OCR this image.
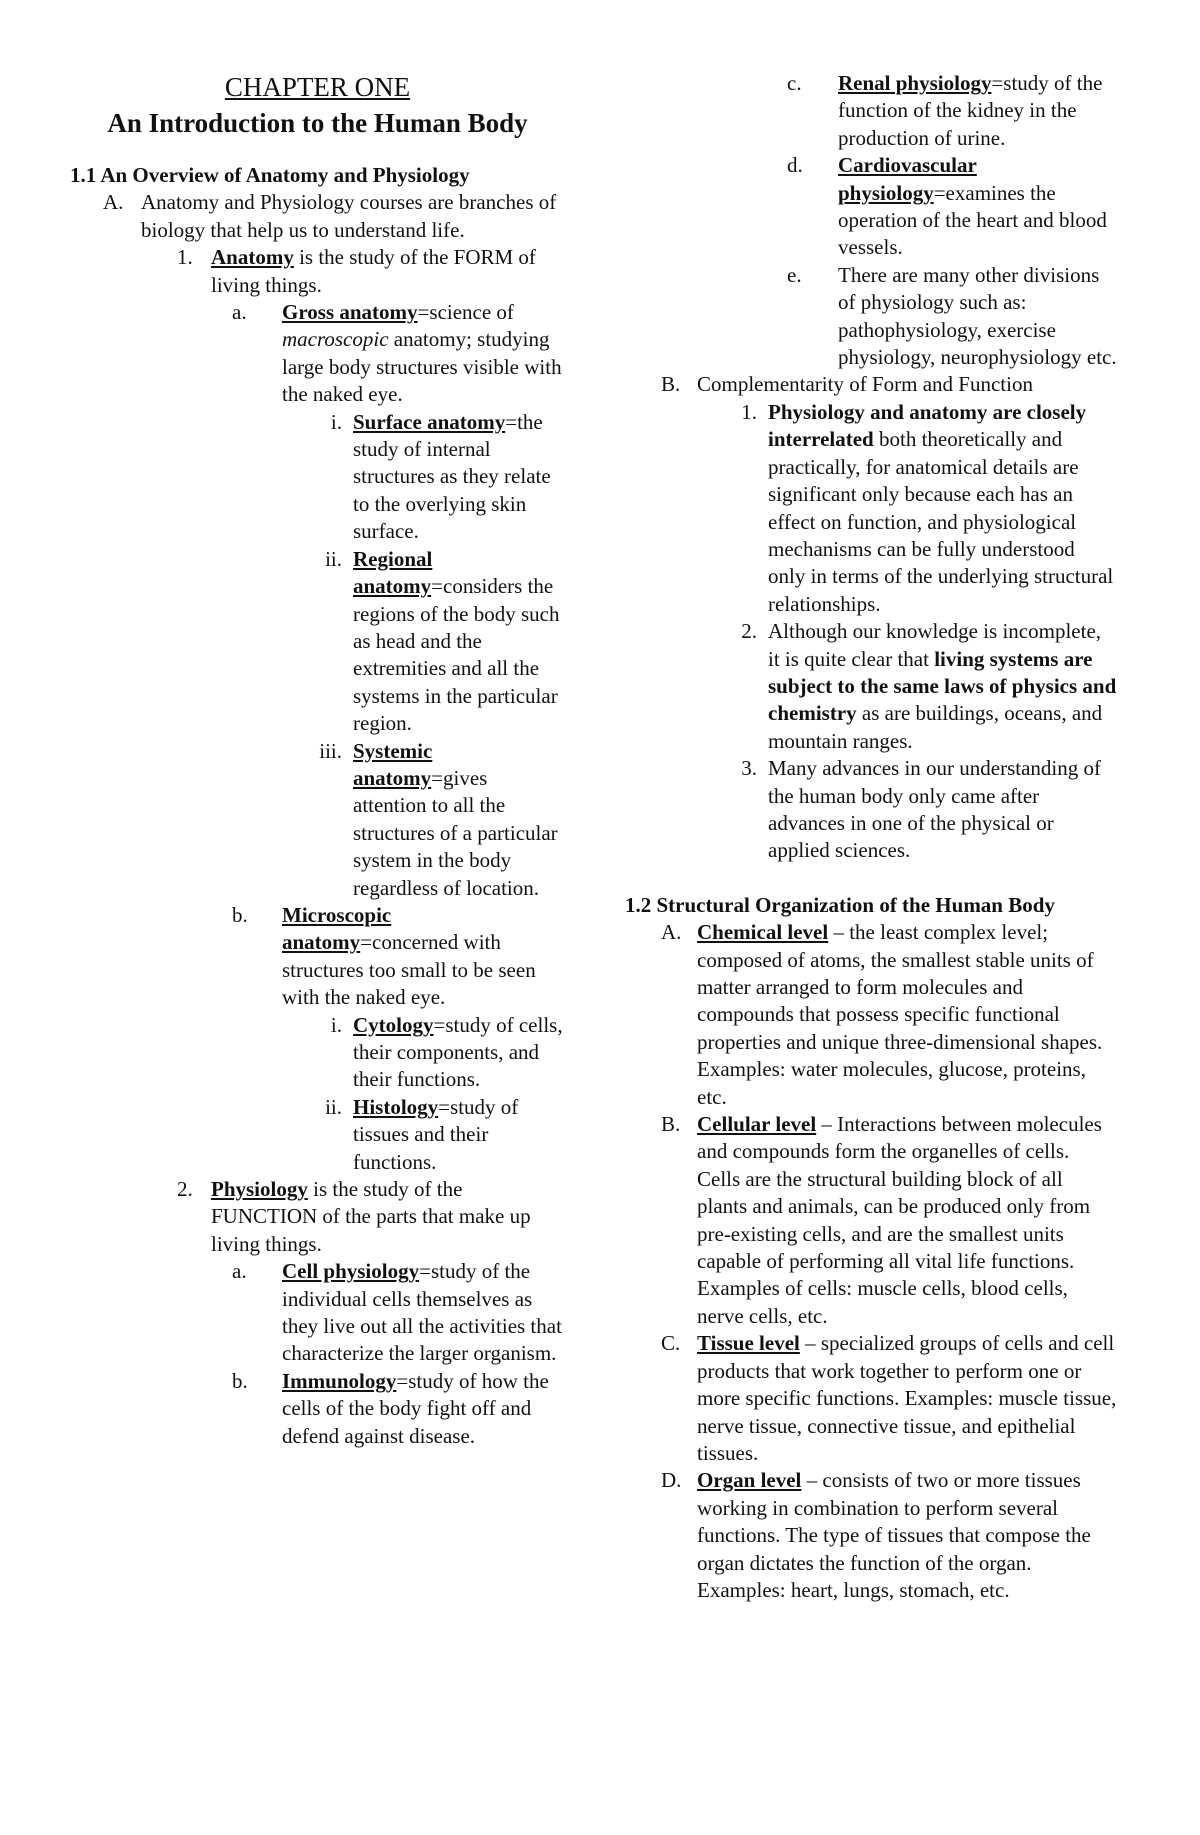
CHAPTER ONE
An Introduction to the Human Body
1.1 An Overview of Anatomy and Physiology
A. Anatomy and Physiology courses are branches of biology that help us to understand life.
1. Anatomy is the study of the FORM of living things.
a. Gross anatomy=science of macroscopic anatomy; studying large body structures visible with the naked eye.
i. Surface anatomy=the study of internal structures as they relate to the overlying skin surface.
ii. Regional anatomy=considers the regions of the body such as head and the extremities and all the systems in the particular region.
iii. Systemic anatomy=gives attention to all the structures of a particular system in the body regardless of location.
b. Microscopic anatomy=concerned with structures too small to be seen with the naked eye.
i. Cytology=study of cells, their components, and their functions.
ii. Histology=study of tissues and their functions.
2. Physiology is the study of the FUNCTION of the parts that make up living things.
a. Cell physiology=study of the individual cells themselves as they live out all the activities that characterize the larger organism.
b. Immunology=study of how the cells of the body fight off and defend against disease.
c. Renal physiology=study of the function of the kidney in the production of urine.
d. Cardiovascular physiology=examines the operation of the heart and blood vessels.
e. There are many other divisions of physiology such as: pathophysiology, exercise physiology, neurophysiology etc.
B. Complementarity of Form and Function
1. Physiology and anatomy are closely interrelated both theoretically and practically, for anatomical details are significant only because each has an effect on function, and physiological mechanisms can be fully understood only in terms of the underlying structural relationships.
2. Although our knowledge is incomplete, it is quite clear that living systems are subject to the same laws of physics and chemistry as are buildings, oceans, and mountain ranges.
3. Many advances in our understanding of the human body only came after advances in one of the physical or applied sciences.
1.2 Structural Organization of the Human Body
A. Chemical level – the least complex level; composed of atoms, the smallest stable units of matter arranged to form molecules and compounds that possess specific functional properties and unique three-dimensional shapes. Examples: water molecules, glucose, proteins, etc.
B. Cellular level – Interactions between molecules and compounds form the organelles of cells. Cells are the structural building block of all plants and animals, can be produced only from pre-existing cells, and are the smallest units capable of performing all vital life functions. Examples of cells: muscle cells, blood cells, nerve cells, etc.
C. Tissue level – specialized groups of cells and cell products that work together to perform one or more specific functions. Examples: muscle tissue, nerve tissue, connective tissue, and epithelial tissues.
D. Organ level – consists of two or more tissues working in combination to perform several functions. The type of tissues that compose the organ dictates the function of the organ. Examples: heart, lungs, stomach, etc.
